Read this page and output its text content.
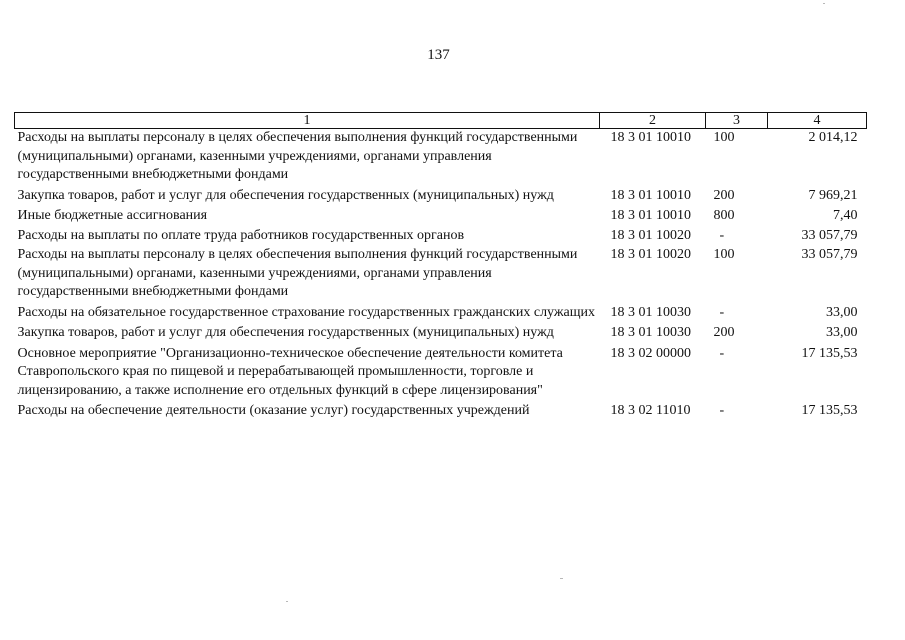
137
1	2	3	4
Расходы на выплаты персоналу в целях обеспечения выполнения функций государственными (муниципальными) органами, казенными учреждениями, органами управления государственными внебюджетными фондами	18 3 01 10010	100	2 014,12
Закупка товаров, работ и услуг для обеспечения государственных (муниципальных) нужд	18 3 01 10010	200	7 969,21
Иные бюджетные ассигнования	18 3 01 10010	800	7,40
Расходы на выплаты по оплате труда работников государственных органов	18 3 01 10020	-	33 057,79
Расходы на выплаты персоналу в целях обеспечения выполнения функций государственными (муниципальными) органами, казенными учреждениями, органами управления государственными внебюджетными фондами	18 3 01 10020	100	33 057,79
Расходы на обязательное государственное страхование государственных гражданских служащих	18 3 01 10030	-	33,00
Закупка товаров, работ и услуг для обеспечения государственных (муниципальных) нужд	18 3 01 10030	200	33,00
Основное мероприятие "Организационно-техническое обеспечение деятельности комитета Ставропольского края по пищевой и перерабатывающей промышленности, торговле и лицензированию, а также исполнение его отдельных функций в сфере лицензирования"	18 3 02 00000	-	17 135,53
Расходы на обеспечение деятельности (оказание услуг) государственных учреждений	18 3 02 11010	-	17 135,53
